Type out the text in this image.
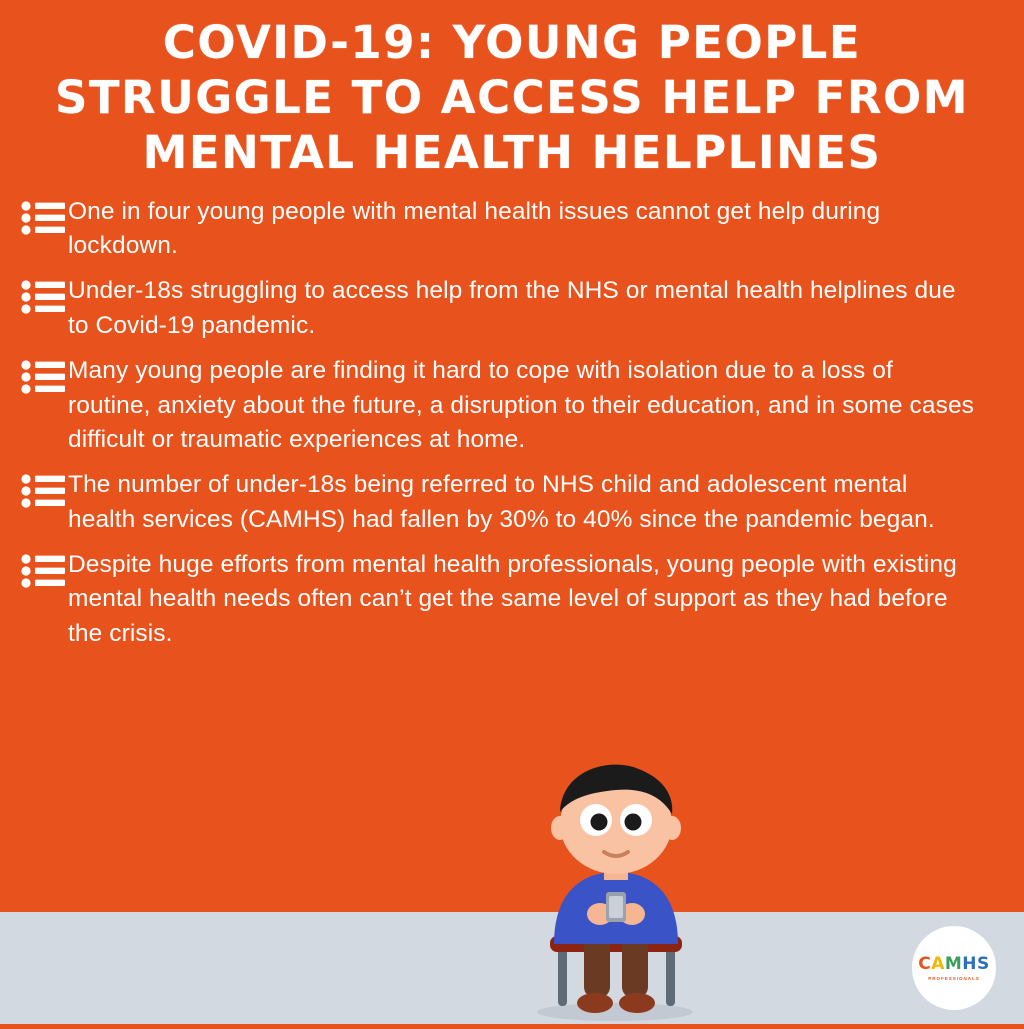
COVID-19: YOUNG PEOPLE STRUGGLE TO ACCESS HELP FROM MENTAL HEALTH HELPLINES
One in four young people with mental health issues cannot get help during lockdown.
Under-18s struggling to access help from the NHS or mental health helplines due to Covid-19 pandemic.
Many young people are finding it hard to cope with isolation due to a loss of routine, anxiety about the future, a disruption to their education, and in some cases difficult or traumatic experiences at home.
The number of under-18s being referred to NHS child and adolescent mental health services (CAMHS) had fallen by 30% to 40% since the pandemic began.
Despite huge efforts from mental health professionals, young people with existing mental health needs often can’t get the same level of support as they had before the crisis.
CAMHS
PROFESSIONALS
